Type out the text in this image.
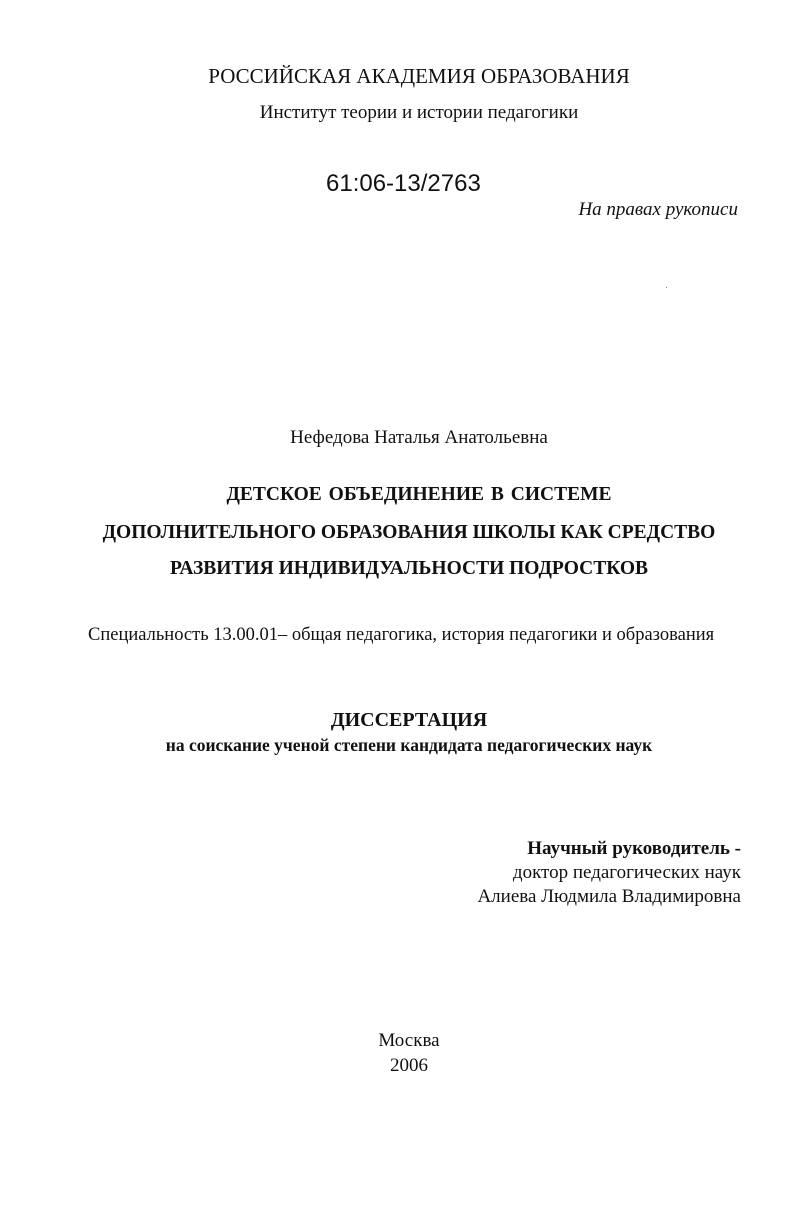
РОССИЙСКАЯ АКАДЕМИЯ ОБРАЗОВАНИЯ
Институт теории и истории педагогики
61:06-13/2763
На правах рукописи
Нефедова Наталья Анатольевна
ДЕТСКОЕ ОБЪЕДИНЕНИЕ В СИСТЕМЕ
ДОПОЛНИТЕЛЬНОГО ОБРАЗОВАНИЯ ШКОЛЫ КАК СРЕДСТВО
РАЗВИТИЯ ИНДИВИДУАЛЬНОСТИ ПОДРОСТКОВ
Специальность 13.00.01– общая педагогика, история педагогики и образования
ДИССЕРТАЦИЯ
на соискание ученой степени кандидата педагогических наук
Научный руководитель -
доктор педагогических наук
Алиева Людмила Владимировна
Москва
2006
